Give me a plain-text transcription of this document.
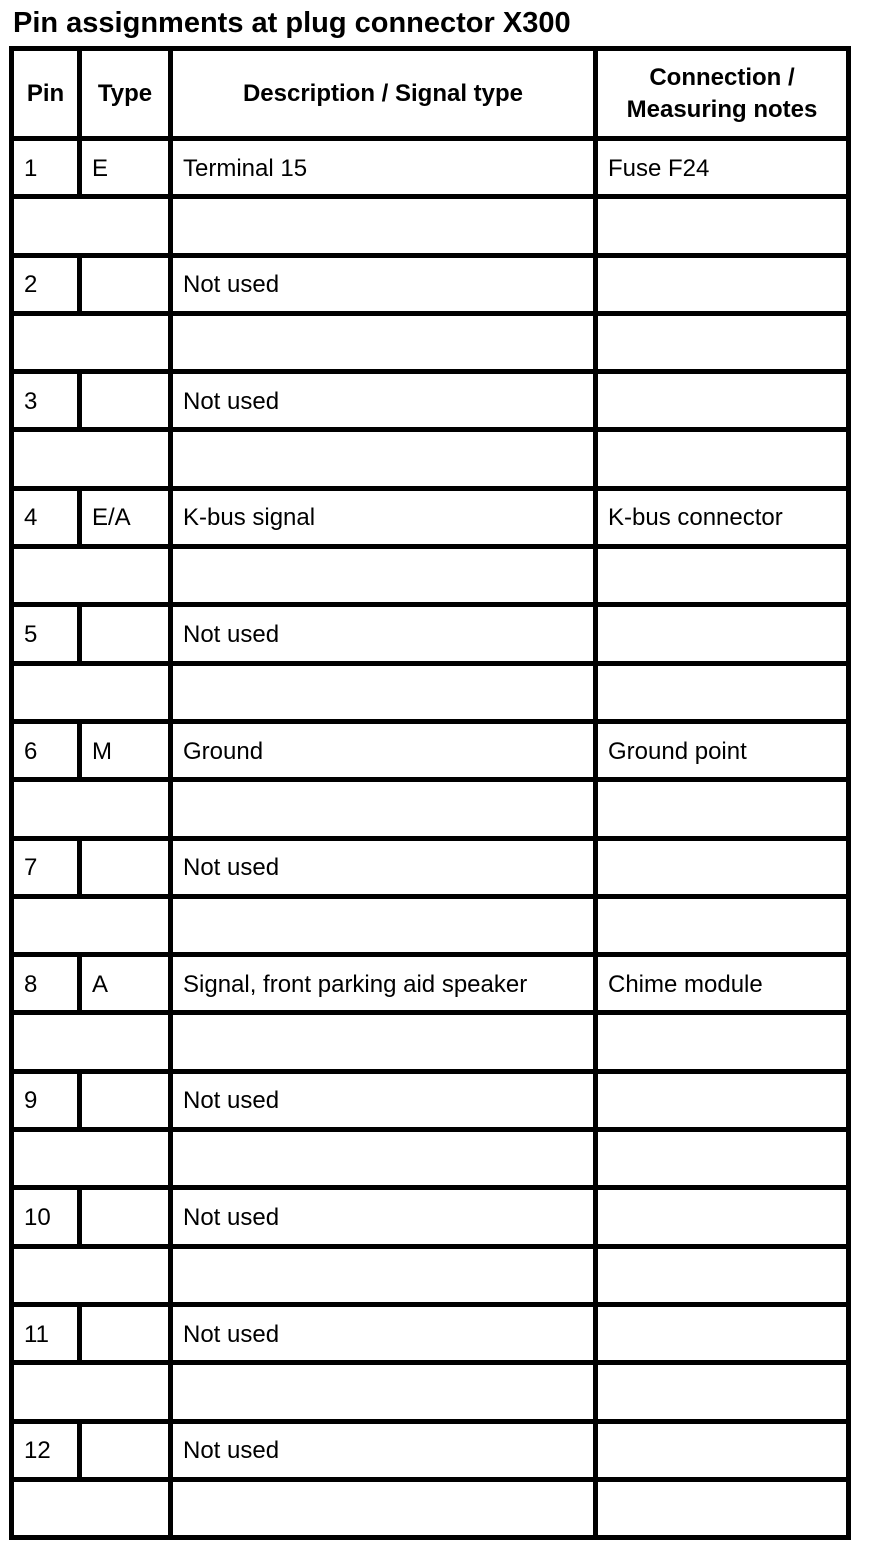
Pin assignments at plug connector X300
Pin	Type	Description / Signal type	Connection / Measuring notes
1	E	Terminal 15	Fuse F24

2		Not used	

3		Not used	

4	E/A	K-bus signal	K-bus connector

5		Not used	

6	M	Ground	Ground point

7		Not used	

8	A	Signal, front parking aid speaker	Chime module

9		Not used	

10		Not used	

11		Not used	

12		Not used	
